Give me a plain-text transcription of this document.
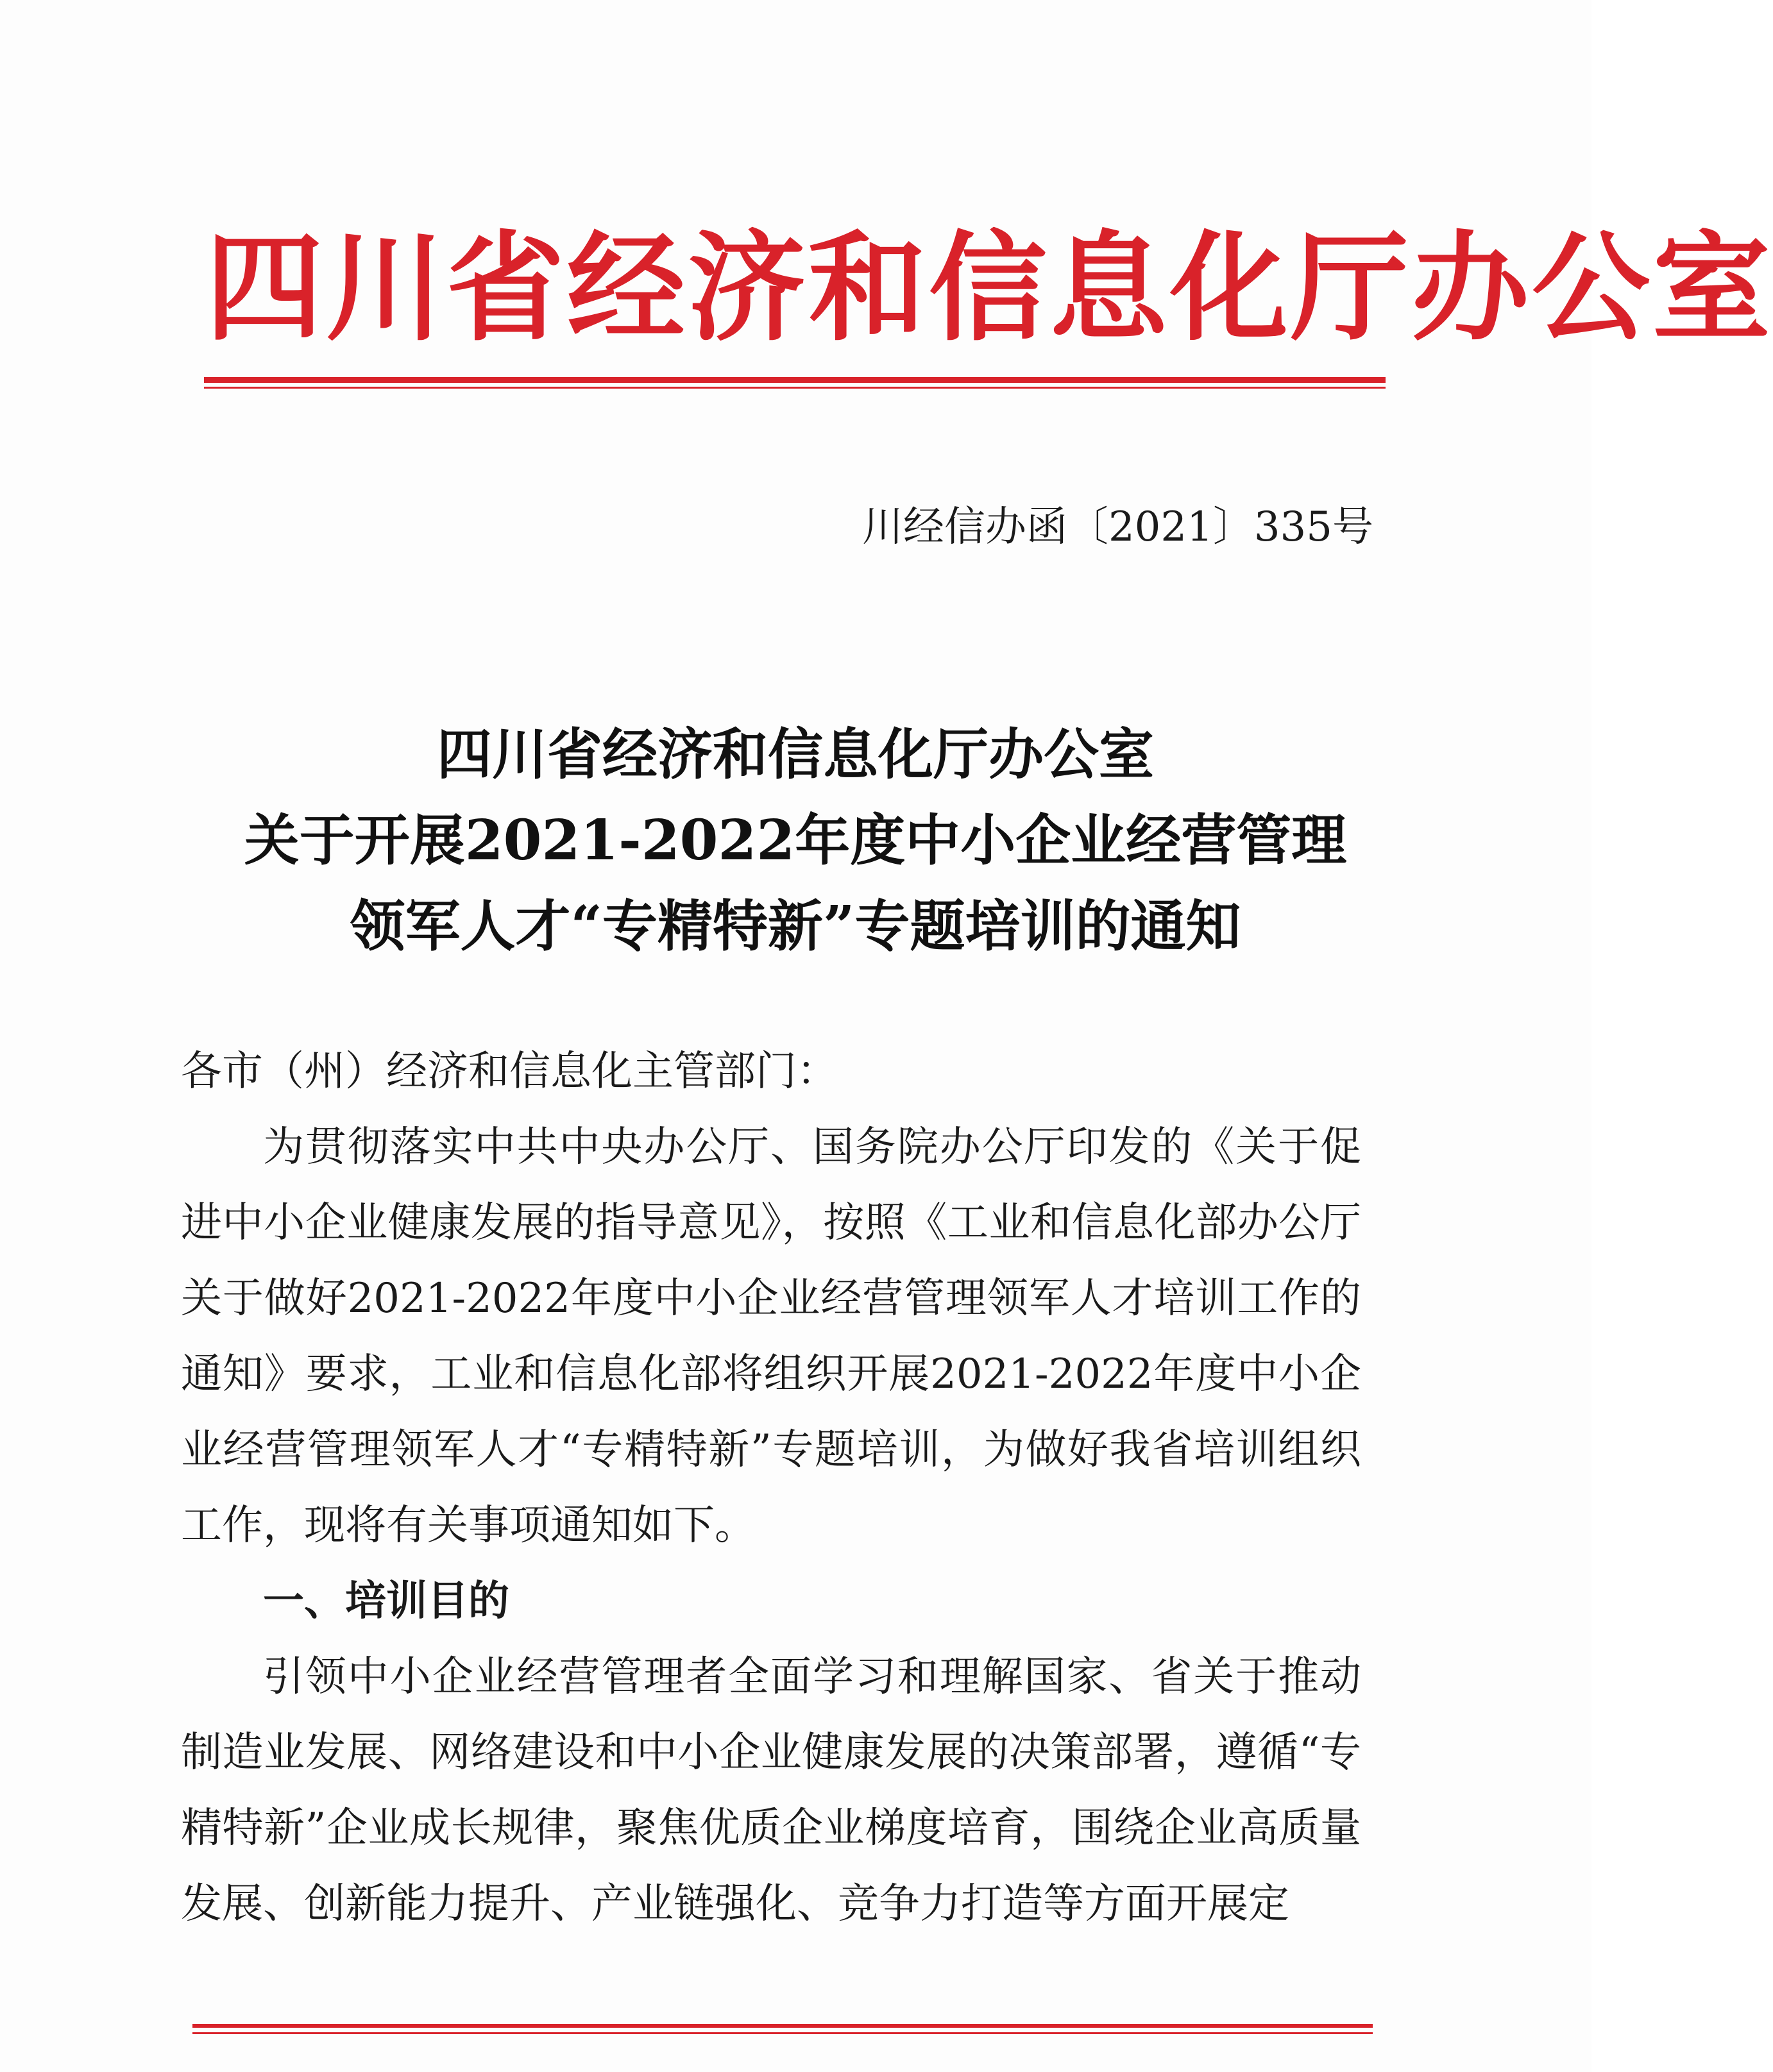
四川省经济和信息化厅办公室
川经信办函〔2021〕335号
四川省经济和信息化厅办公室
关于开展2021-2022年度中小企业经营管理
领军人才“专精特新”专题培训的通知
各市（州）经济和信息化主管部门：

为贯彻落实中共中央办公厅、国务院办公厅印发的《关于促进中小企业健康发展的指导意见》，按照《工业和信息化部办公厅关于做好2021-2022年度中小企业经营管理领军人才培训工作的通知》要求，工业和信息化部将组织开展2021-2022年度中小企业经营管理领军人才“专精特新”专题培训，为做好我省培训组织工作，现将有关事项通知如下。

一、培训目的

引领中小企业经营管理者全面学习和理解国家、省关于推动制造业发展、网络建设和中小企业健康发展的决策部署，遵循“专精特新”企业成长规律，聚焦优质企业梯度培育，围绕企业高质量发展、创新能力提升、产业链强化、竞争力打造等方面开展定
